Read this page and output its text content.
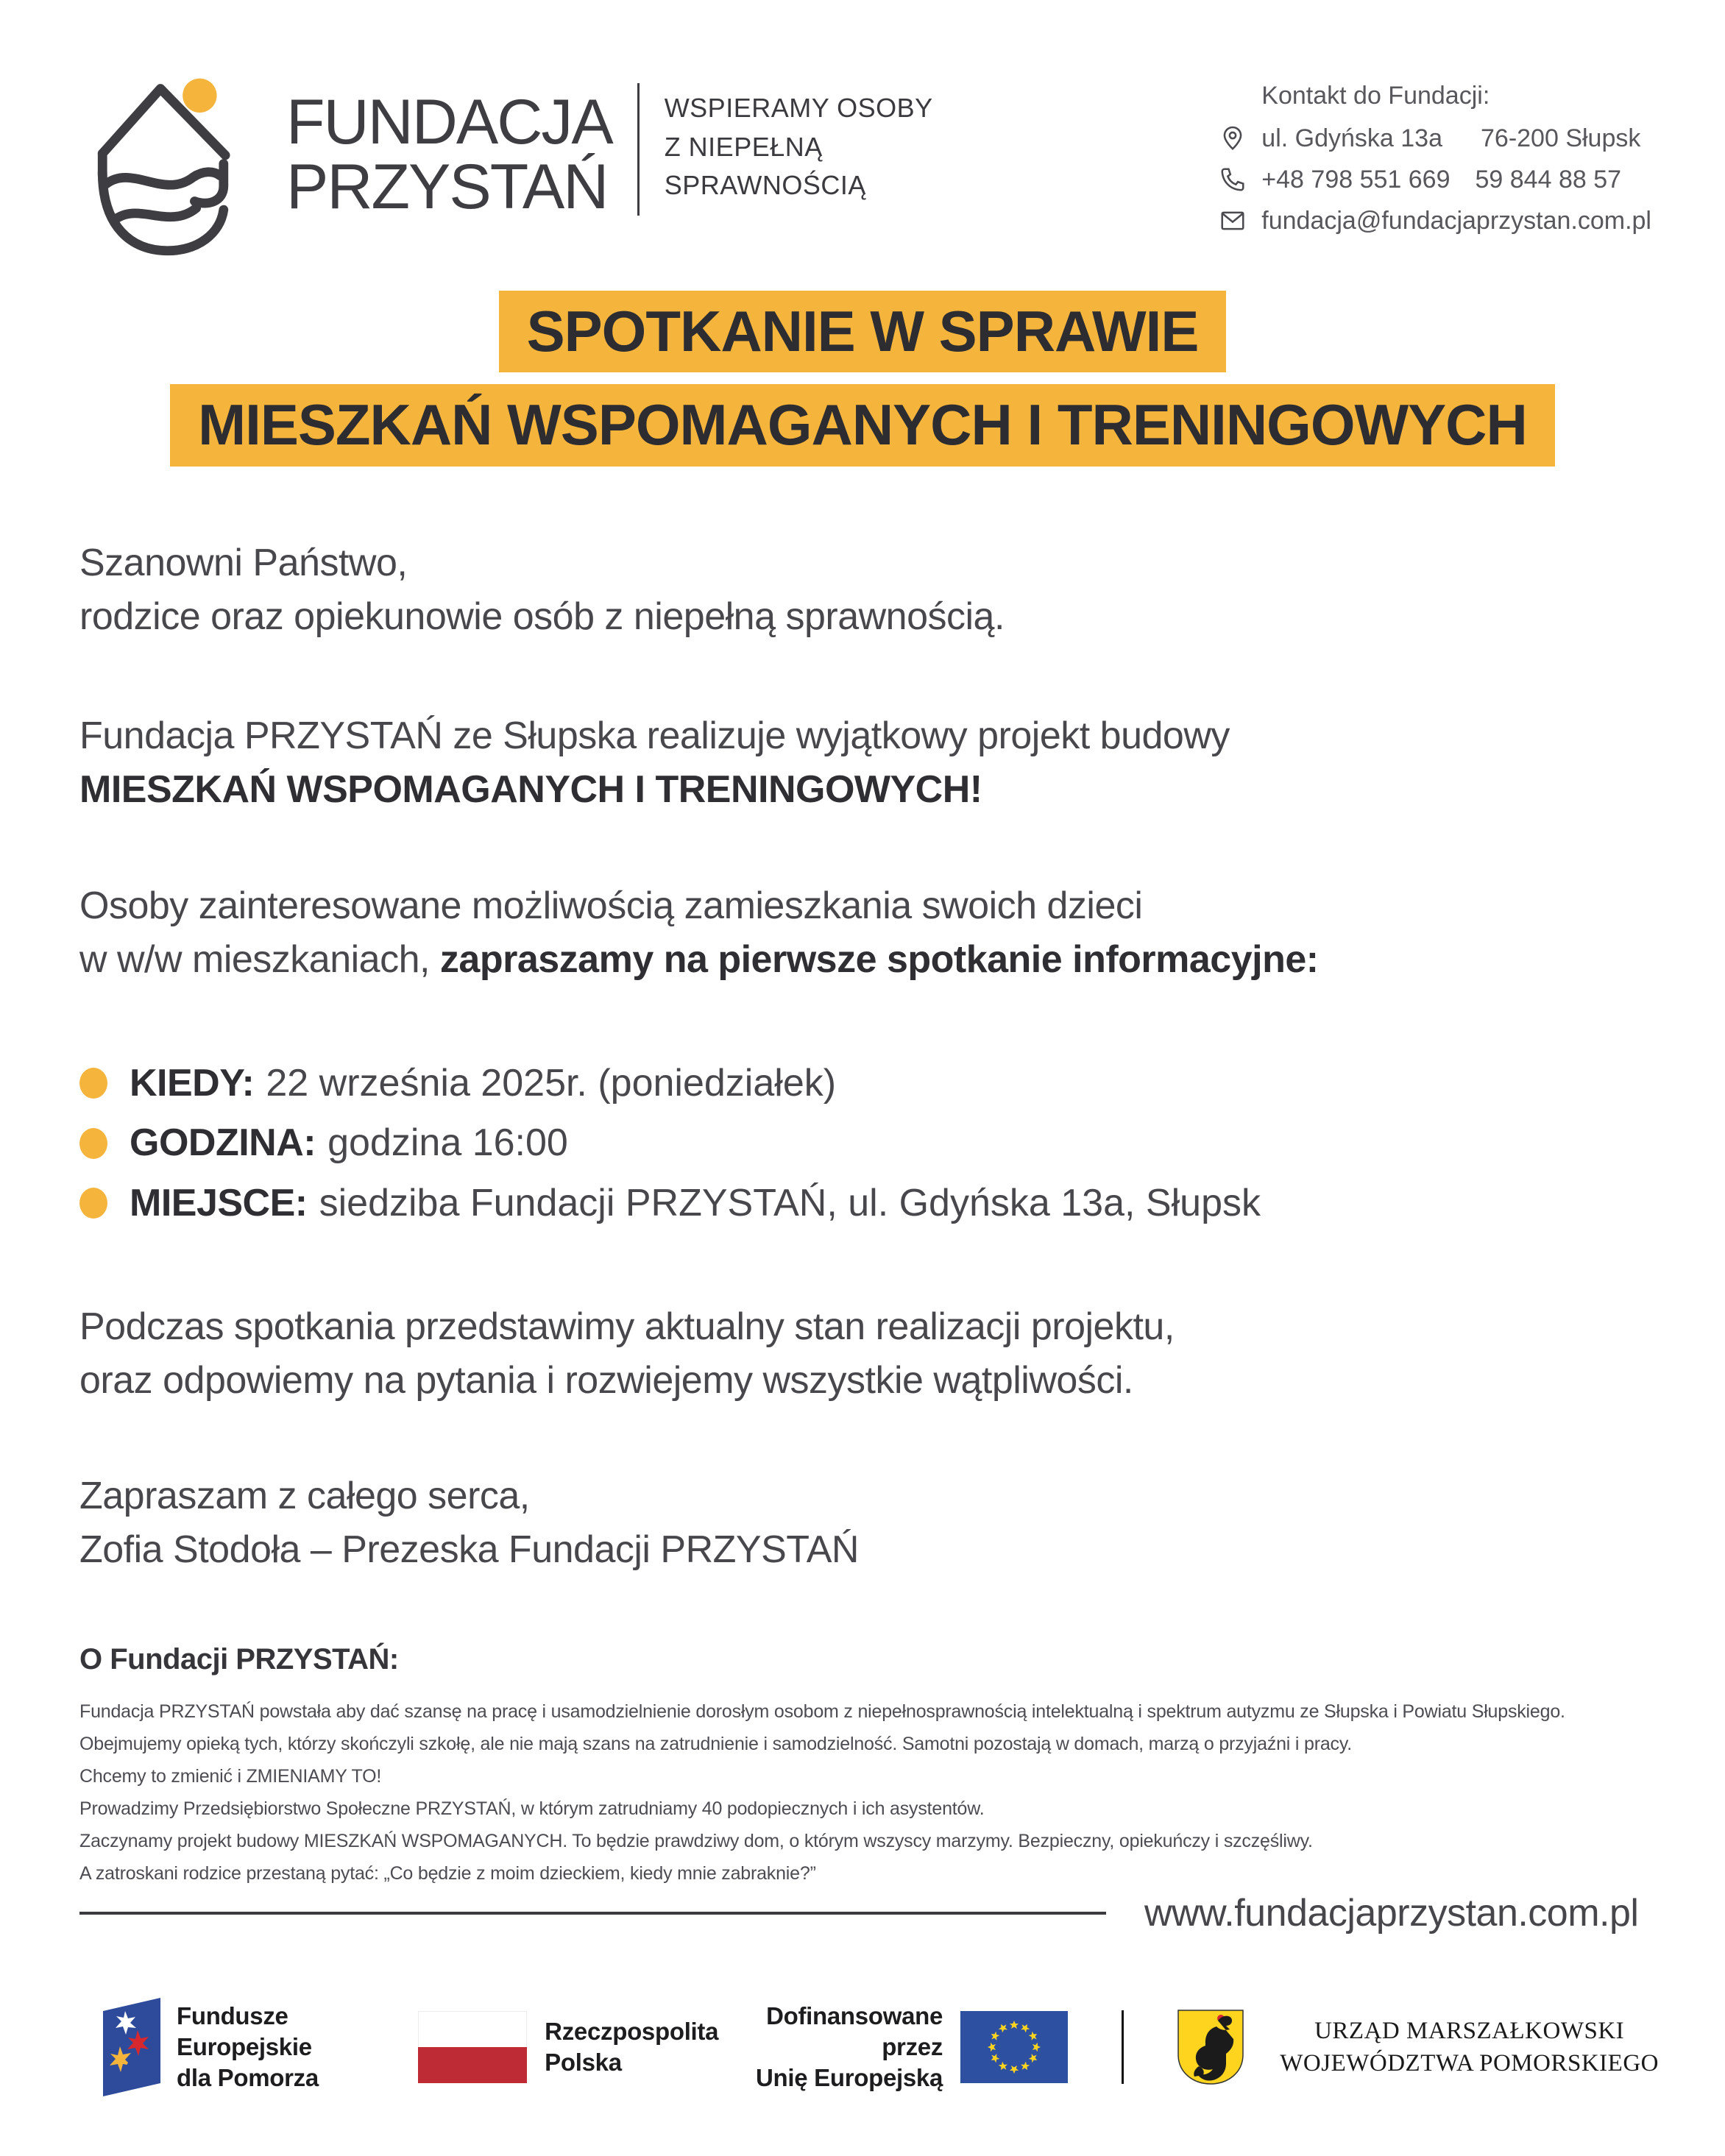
FUNDACJA
PRZYSTAŃ
WSPIERAMY OSOBY
Z NIEPEŁNĄ
SPRAWNOŚCIĄ
Kontakt do Fundacji:
ul. Gdyńska 13a 76-200 Słupsk
+48 798 551 669 59 844 88 57
fundacja@fundacjaprzystan.com.pl
SPOTKANIE W SPRAWIE
MIESZKAŃ WSPOMAGANYCH I TRENINGOWYCH
Szanowni Państwo,
rodzice oraz opiekunowie osób z niepełną sprawnością.
Fundacja PRZYSTAŃ ze Słupska realizuje wyjątkowy projekt budowy
MIESZKAŃ WSPOMAGANYCH I TRENINGOWYCH!
Osoby zainteresowane możliwością zamieszkania swoich dzieci
w w/w mieszkaniach, zapraszamy na pierwsze spotkanie informacyjne:
KIEDY: 22 września 2025r. (poniedziałek)
GODZINA: godzina 16:00
MIEJSCE: siedziba Fundacji PRZYSTAŃ, ul. Gdyńska 13a, Słupsk
Podczas spotkania przedstawimy aktualny stan realizacji projektu,
oraz odpowiemy na pytania i rozwiejemy wszystkie wątpliwości.
Zapraszam z całego serca,
Zofia Stodoła – Prezeska Fundacji PRZYSTAŃ
O Fundacji PRZYSTAŃ:
Fundacja PRZYSTAŃ powstała aby dać szansę na pracę i usamodzielnienie dorosłym osobom z niepełnosprawnością intelektualną i spektrum autyzmu ze Słupska i Powiatu Słupskiego.
Obejmujemy opieką tych, którzy skończyli szkołę, ale nie mają szans na zatrudnienie i samodzielność. Samotni pozostają w domach, marzą o przyjaźni i pracy.
Chcemy to zmienić i ZMIENIAMY TO!
Prowadzimy Przedsiębiorstwo Społeczne PRZYSTAŃ, w którym zatrudniamy 40 podopiecznych i ich asystentów.
Zaczynamy projekt budowy MIESZKAŃ WSPOMAGANYCH. To będzie prawdziwy dom, o którym wszyscy marzymy. Bezpieczny, opiekuńczy i szczęśliwy.
A zatroskani rodzice przestaną pytać: „Co będzie z moim dzieckiem, kiedy mnie zabraknie?”
www.fundacjaprzystan.com.pl
Fundusze Europejskie
dla Pomorza
Rzeczpospolita
Polska
Dofinansowane przez
Unię Europejską
URZĄD MARSZAŁKOWSKI
WOJEWÓDZTWA POMORSKIEGO
